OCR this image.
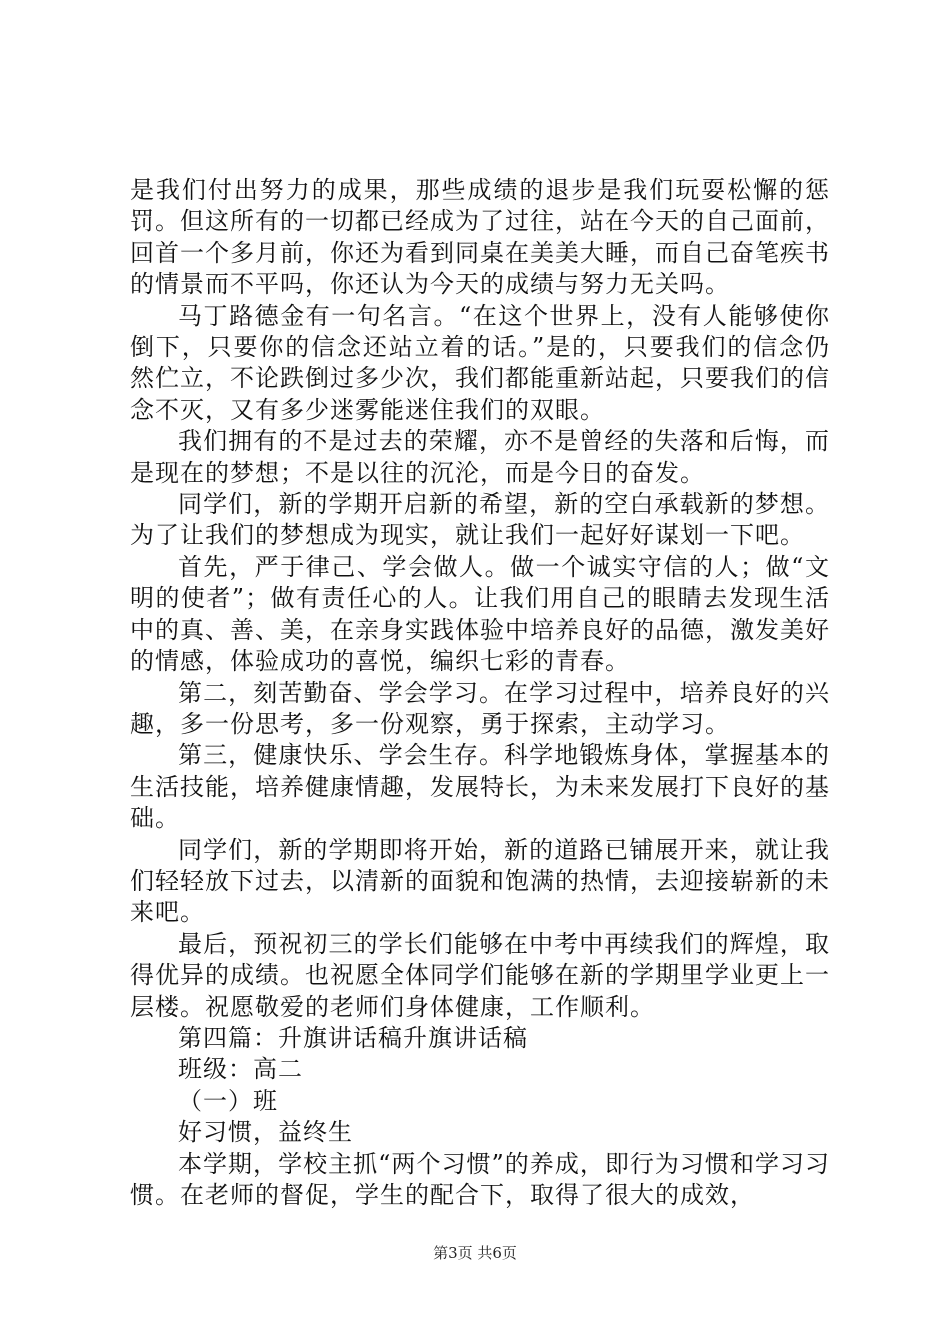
是我们付出努力的成果，那些成绩的退步是我们玩耍松懈的惩罚。但这所有的一切都已经成为了过往，站在今天的自己面前，回首一个多月前，你还为看到同桌在美美大睡，而自己奋笔疾书的情景而不平吗，你还认为今天的成绩与努力无关吗。

马丁路德金有一句名言。“在这个世界上，没有人能够使你倒下，只要你的信念还站立着的话。”是的，只要我们的信念仍然伫立，不论跌倒过多少次，我们都能重新站起，只要我们的信念不灭，又有多少迷雾能迷住我们的双眼。

我们拥有的不是过去的荣耀，亦不是曾经的失落和后悔，而是现在的梦想；不是以往的沉沦，而是今日的奋发。

同学们，新的学期开启新的希望，新的空白承载新的梦想。为了让我们的梦想成为现实，就让我们一起好好谋划一下吧。

首先，严于律己、学会做人。做一个诚实守信的人；做“文明的使者”；做有责任心的人。让我们用自己的眼睛去发现生活中的真、善、美，在亲身实践体验中培养良好的品德，激发美好的情感，体验成功的喜悦，编织七彩的青春。

第二，刻苦勤奋、学会学习。在学习过程中，培养良好的兴趣，多一份思考，多一份观察，勇于探索，主动学习。

第三，健康快乐、学会生存。科学地锻炼身体，掌握基本的生活技能，培养健康情趣，发展特长，为未来发展打下良好的基础。

同学们，新的学期即将开始，新的道路已铺展开来，就让我们轻轻放下过去，以清新的面貌和饱满的热情，去迎接崭新的未来吧。

最后，预祝初三的学长们能够在中考中再续我们的辉煌，取得优异的成绩。也祝愿全体同学们能够在新的学期里学业更上一层楼。祝愿敬爱的老师们身体健康，工作顺利。

第四篇：升旗讲话稿升旗讲话稿

班级：高二

（一）班

好习惯，益终生

本学期，学校主抓“两个习惯”的养成，即行为习惯和学习习惯。在老师的督促，学生的配合下，取得了很大的成效，

第3页 共6页
